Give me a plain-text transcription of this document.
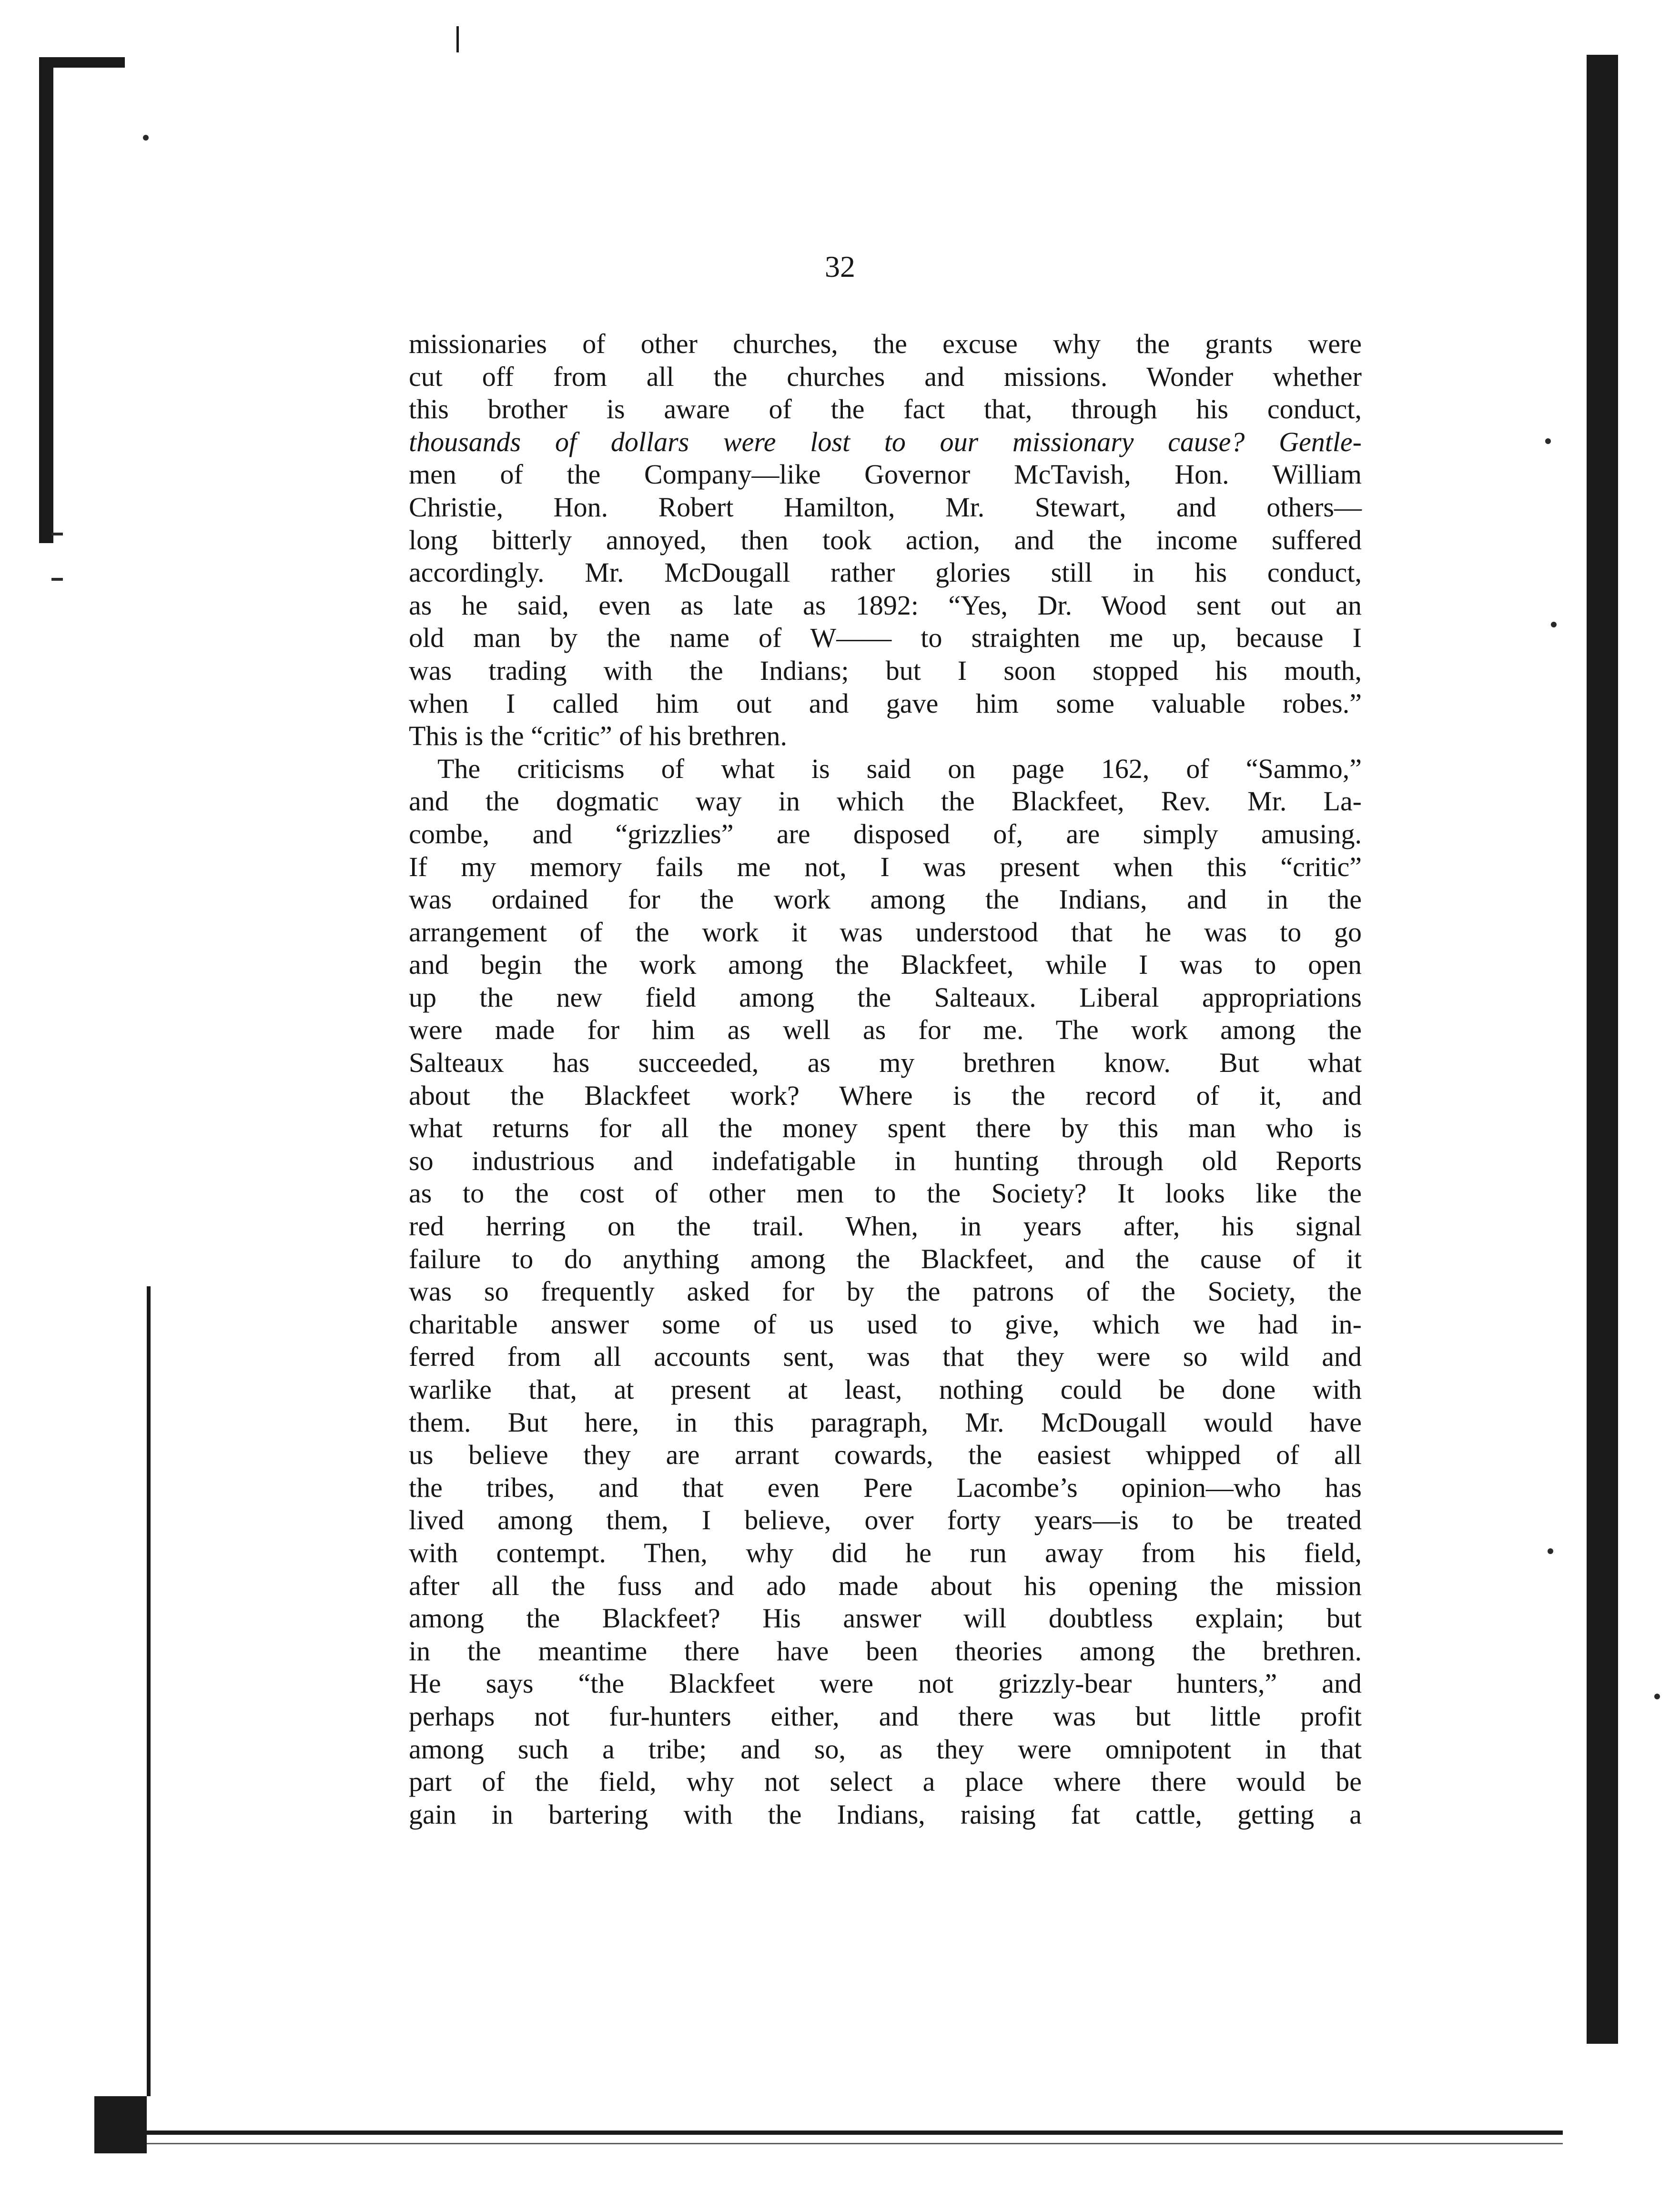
32

missionaries of other churches, the excuse why the grants were

cut off from all the churches and missions. Wonder whether

this brother is aware of the fact that, through his conduct,

thousands of dollars were lost to our missionary cause? Gentle-

men of the Company—like Governor McTavish, Hon. William

Christie, Hon. Robert Hamilton, Mr. Stewart, and others—

long bitterly annoyed, then took action, and the income suffered

accordingly. Mr. McDougall rather glories still in his conduct,

as he said, even as late as 1892: “Yes, Dr. Wood sent out an

old man by the name of W—— to straighten me up, because I

was trading with the Indians; but I soon stopped his mouth,

when I called him out and gave him some valuable robes.”

This is the “critic” of his brethren.

The criticisms of what is said on page 162, of “Sammo,”

and the dogmatic way in which the Blackfeet, Rev. Mr. La-

combe, and “grizzlies” are disposed of, are simply amusing.

If my memory fails me not, I was present when this “critic”

was ordained for the work among the Indians, and in the

arrangement of the work it was understood that he was to go

and begin the work among the Blackfeet, while I was to open

up the new field among the Salteaux. Liberal appropriations

were made for him as well as for me. The work among the

Salteaux has succeeded, as my brethren know. But what

about the Blackfeet work? Where is the record of it, and

what returns for all the money spent there by this man who is

so industrious and indefatigable in hunting through old Reports

as to the cost of other men to the Society? It looks like the

red herring on the trail. When, in years after, his signal

failure to do anything among the Blackfeet, and the cause of it

was so frequently asked for by the patrons of the Society, the

charitable answer some of us used to give, which we had in-

ferred from all accounts sent, was that they were so wild and

warlike that, at present at least, nothing could be done with

them. But here, in this paragraph, Mr. McDougall would have

us believe they are arrant cowards, the easiest whipped of all

the tribes, and that even Pere Lacombe’s opinion—who has

lived among them, I believe, over forty years—is to be treated

with contempt. Then, why did he run away from his field,

after all the fuss and ado made about his opening the mission

among the Blackfeet? His answer will doubtless explain; but

in the meantime there have been theories among the brethren.

He says “the Blackfeet were not grizzly-bear hunters,” and

perhaps not fur-hunters either, and there was but little profit

among such a tribe; and so, as they were omnipotent in that

part of the field, why not select a place where there would be

gain in bartering with the Indians, raising fat cattle, getting a
